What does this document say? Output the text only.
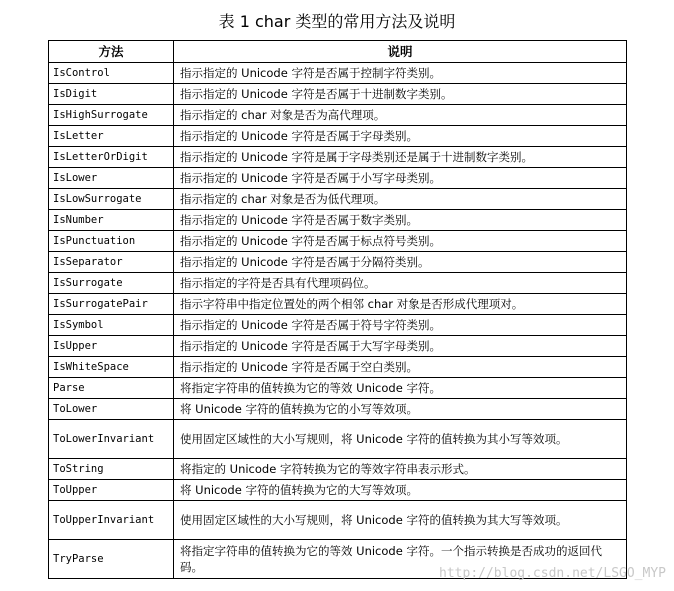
表 1 char 类型的常用方法及说明
方法	说明
IsControl	指示指定的 Unicode 字符是否属于控制字符类别。
IsDigit	指示指定的 Unicode 字符是否属于十进制数字类别。
IsHighSurrogate	指示指定的 char 对象是否为高代理项。
IsLetter	指示指定的 Unicode 字符是否属于字母类别。
IsLetterOrDigit	指示指定的 Unicode 字符是属于字母类别还是属于十进制数字类别。
IsLower	指示指定的 Unicode 字符是否属于小写字母类别。
IsLowSurrogate	指示指定的 char 对象是否为低代理项。
IsNumber	指示指定的 Unicode 字符是否属于数字类别。
IsPunctuation	指示指定的 Unicode 字符是否属于标点符号类别。
IsSeparator	指示指定的 Unicode 字符是否属于分隔符类别。
IsSurrogate	指示指定的字符是否具有代理项码位。
IsSurrogatePair	指示字符串中指定位置处的两个相邻 char 对象是否形成代理项对。
IsSymbol	指示指定的 Unicode 字符是否属于符号字符类别。
IsUpper	指示指定的 Unicode 字符是否属于大写字母类别。
IsWhiteSpace	指示指定的 Unicode 字符是否属于空白类别。
Parse	将指定字符串的值转换为它的等效 Unicode 字符。
ToLower	将 Unicode 字符的值转换为它的小写等效项。
ToLowerInvariant	使用固定区域性的大小写规则，将 Unicode 字符的值转换为其小写等效项。
ToString	将指定的 Unicode 字符转换为它的等效字符串表示形式。
ToUpper	将 Unicode 字符的值转换为它的大写等效项。
ToUpperInvariant	使用固定区域性的大小写规则，将 Unicode 字符的值转换为其大写等效项。
TryParse	将指定字符串的值转换为它的等效 Unicode 字符。一个指示转换是否成功的返回代码。	http://blog.csdn.net/LSGO_MYP
